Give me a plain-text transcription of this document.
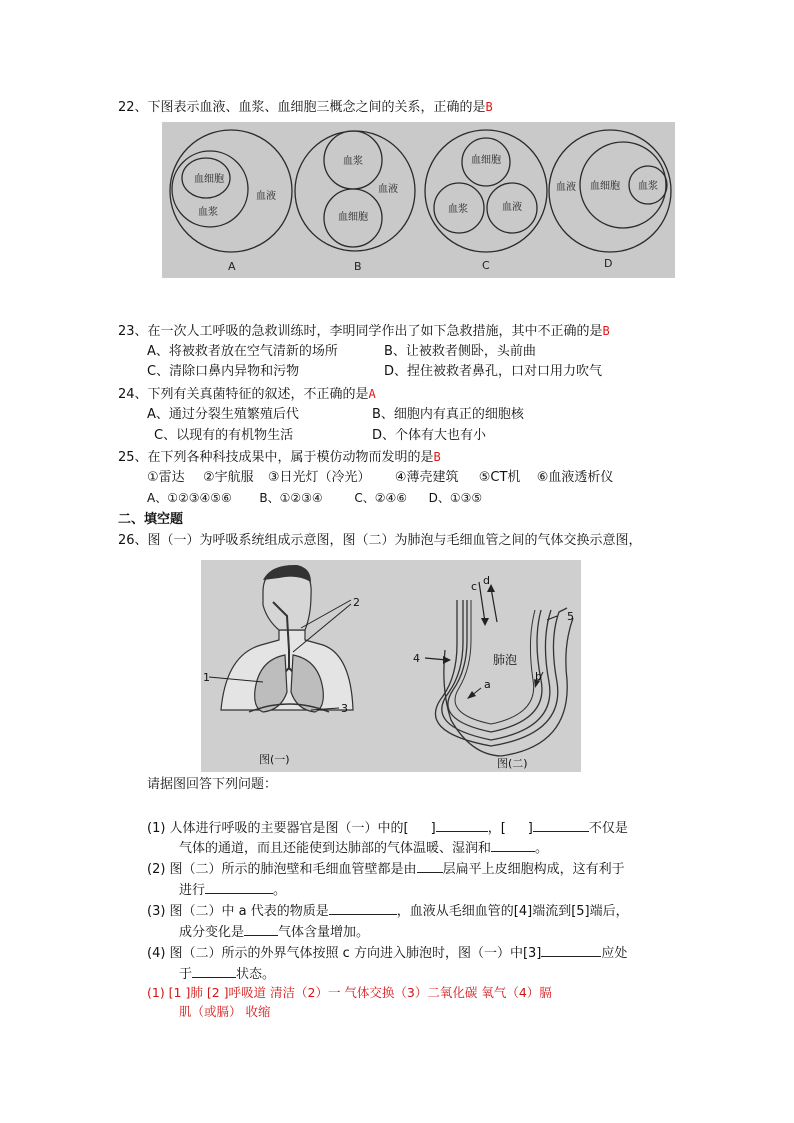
22、下图表示血液、血浆、血细胞三概念之间的关系，正确的是B
血细胞
血浆
血液
血浆
血细胞
血液
血细胞
血浆	血液
血液 血细胞 血浆
A	B	C	D
23、在一次人工呼吸的急救训练时，李明同学作出了如下急救措施，其中不正确的是B
A、将被救者放在空气清新的场所	B、让被救者侧卧，头前曲
C、清除口鼻内异物和污物	D、捏住被救者鼻孔，口对口用力吹气
24、下列有关真菌特征的叙述，不正确的是A
A、通过分裂生殖繁殖后代	B、细胞内有真正的细胞核
C、以现有的有机物生活	D、个体有大也有小
25、在下列各种科技成果中，属于模仿动物而发明的是B
①雷达 ②宇航服 ③日光灯（冷光） ④薄壳建筑 ⑤CT机 ⑥血液透析仪
A、①②③④⑤⑥ B、①②③④	C、②④⑥ D、①③⑤
二、填空题
26、图（一）为呼吸系统组成示意图，图（二）为肺泡与毛细血管之间的气体交换示意图，
1
2
3
图(一)
c d
5
4	肺泡
b
a
图(二)
请据图回答下列问题：
(1) 人体进行呼吸的主要器官是图（一）中的[ ]	，[ ]	不仅是
气体的通道，而且还能使到达肺部的气体温暖、湿润和	。
(2) 图（二）所示的肺泡壁和毛细血管壁都是由 层扁平上皮细胞构成，这有利于
进行	。
(3) 图（二）中 a 代表的物质是	，血液从毛细血管的[4]端流到[5]端后，
成分变化是	气体含量增加。
(4) 图（二）所示的外界气体按照 c 方向进入肺泡时，图（一）中[3]	应处
于	状态。
(1) [1 ]肺 [2 ]呼吸道 清洁（2）一 气体交换（3）二氧化碳 氧气（4）膈
肌（或膈） 收缩
